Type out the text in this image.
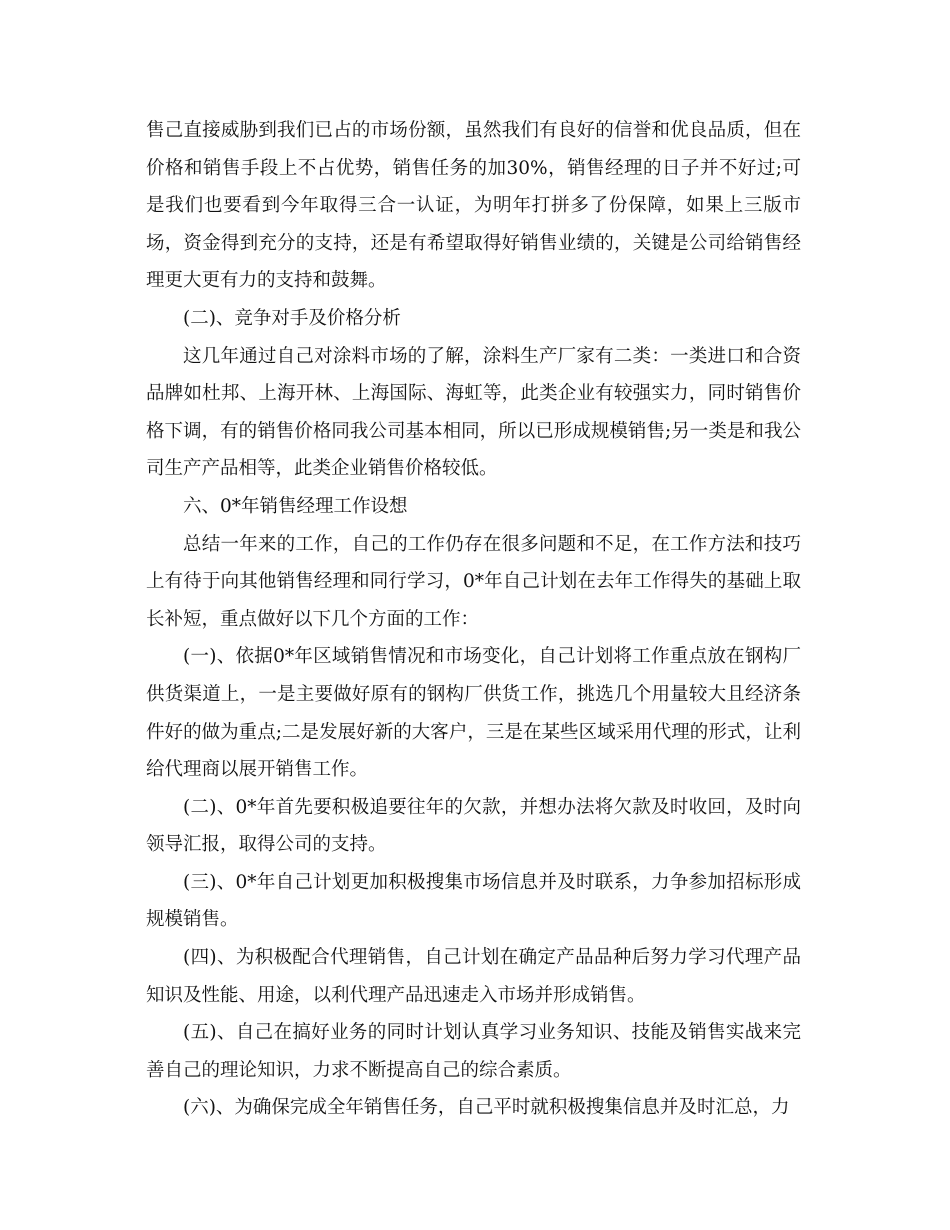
售己直接威胁到我们已占的市场份额，虽然我们有良好的信誉和优良品质，但在价格和销售手段上不占优势，销售任务的加30%，销售经理的日子并不好过;可是我们也要看到今年取得三合一认证，为明年打拼多了份保障，如果上三版市场，资金得到充分的支持，还是有希望取得好销售业绩的，关键是公司给销售经理更大更有力的支持和鼓舞。

(二)、竞争对手及价格分析

这几年通过自己对涂料市场的了解，涂料生产厂家有二类：一类进口和合资品牌如杜邦、上海开林、上海国际、海虹等，此类企业有较强实力，同时销售价格下调，有的销售价格同我公司基本相同，所以已形成规模销售;另一类是和我公司生产产品相等，此类企业销售价格较低。

六、0*年销售经理工作设想

总结一年来的工作，自己的工作仍存在很多问题和不足，在工作方法和技巧上有待于向其他销售经理和同行学习，0*年自己计划在去年工作得失的基础上取长补短，重点做好以下几个方面的工作：

(一)、依据0*年区域销售情况和市场变化，自己计划将工作重点放在钢构厂供货渠道上，一是主要做好原有的钢构厂供货工作，挑选几个用量较大且经济条件好的做为重点;二是发展好新的大客户，三是在某些区域采用代理的形式，让利给代理商以展开销售工作。

(二)、0*年首先要积极追要往年的欠款，并想办法将欠款及时收回，及时向领导汇报，取得公司的支持。

(三)、0*年自己计划更加积极搜集市场信息并及时联系，力争参加招标形成规模销售。

(四)、为积极配合代理销售，自己计划在确定产品品种后努力学习代理产品知识及性能、用途，以利代理产品迅速走入市场并形成销售。

(五)、自己在搞好业务的同时计划认真学习业务知识、技能及销售实战来完善自己的理论知识，力求不断提高自己的综合素质。

(六)、为确保完成全年销售任务，自己平时就积极搜集信息并及时汇总，力
